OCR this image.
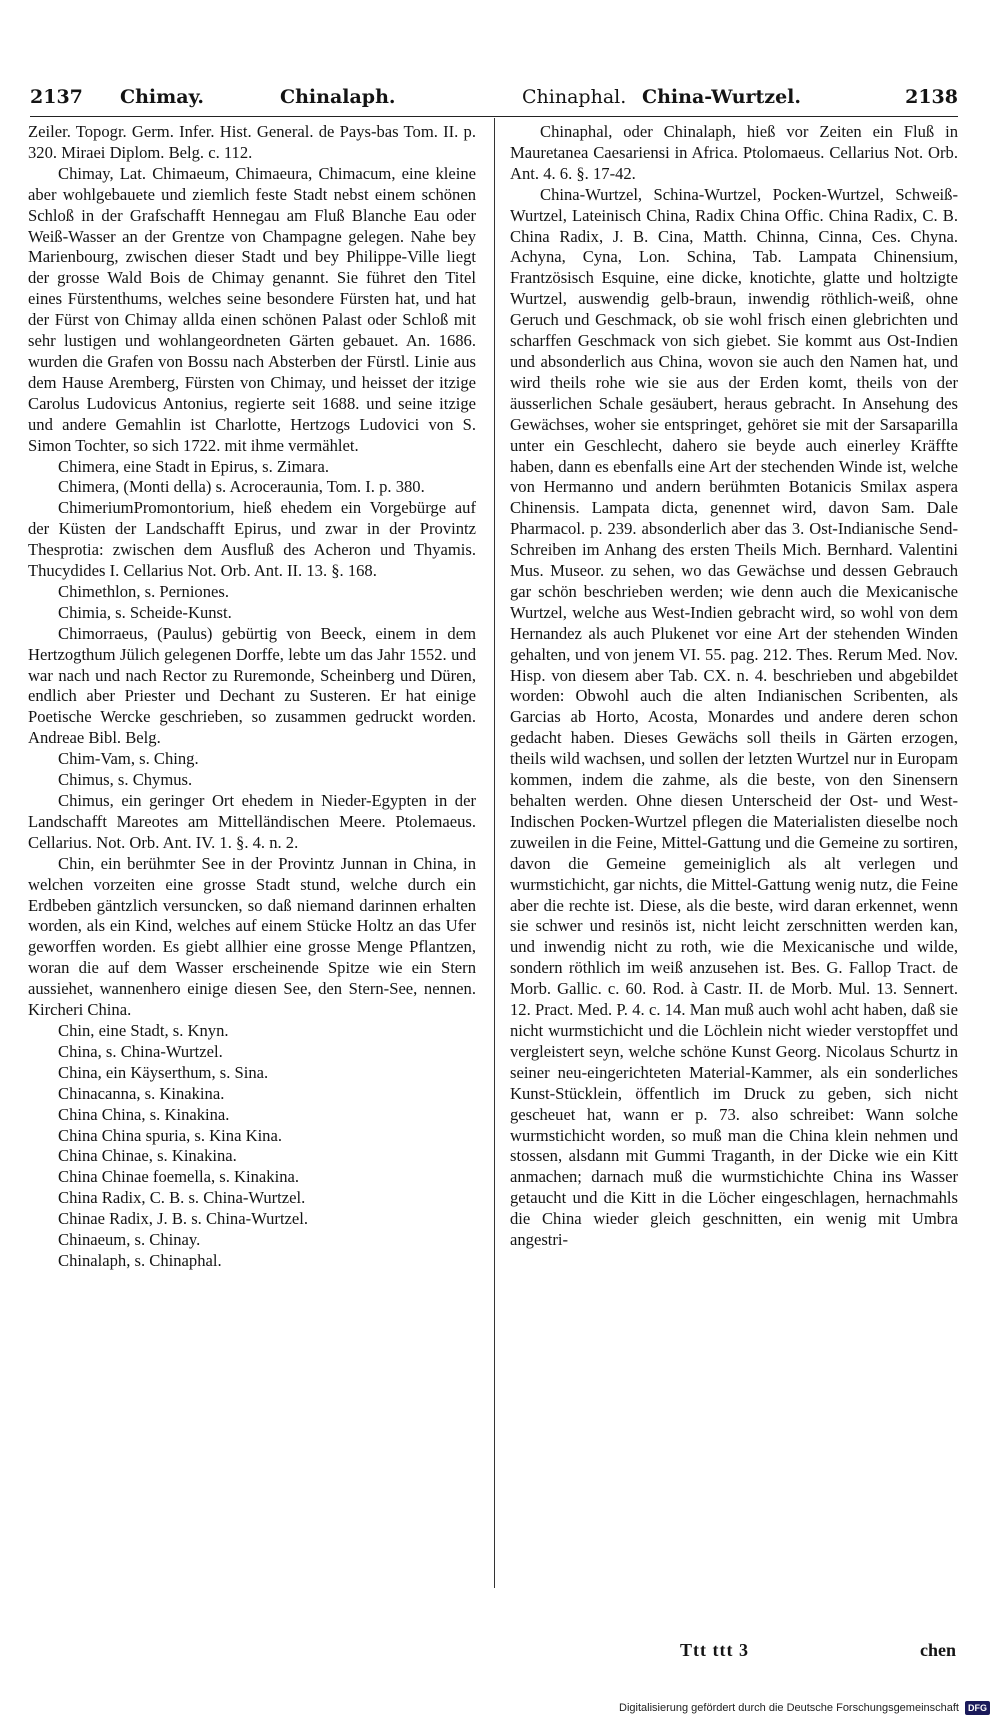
2137 Chimay.	Chinalaph.	Chinaphal. China-Wurtzel.	2138

Zeiler. Topogr. Germ. Infer. Hist. General. de Pays-bas Tom. II. p. 320. Miraei Diplom. Belg. c. 112.

Chimay, Lat. Chimaeum, Chimaeura, Chimacum, eine kleine aber wohlgebauete und ziemlich feste Stadt nebst einem schönen Schloß in der Grafschafft Hennegau am Fluß Blanche Eau oder Weiß-Wasser an der Grentze von Champagne gelegen. Nahe bey Marienbourg, zwischen dieser Stadt und bey Philippe-Ville liegt der grosse Wald Bois de Chimay genannt. Sie führet den Titel eines Fürstenthums, welches seine besondere Fürsten hat, und hat der Fürst von Chimay allda einen schönen Palast oder Schloß mit sehr lustigen und wohlangeordneten Gärten gebauet. An. 1686. wurden die Grafen von Bossu nach Absterben der Fürstl. Linie aus dem Hause Aremberg, Fürsten von Chimay, und heisset der itzige Carolus Ludovicus Antonius, regierte seit 1688. und seine itzige und andere Gemahlin ist Charlotte, Hertzogs Ludovici von S. Simon Tochter, so sich 1722. mit ihme vermählet.

Chimera, eine Stadt in Epirus, s. Zimara.

Chimera, (Monti della) s. Acroceraunia, Tom. I. p. 380.

ChimeriumPromontorium, hieß ehedem ein Vorgebürge auf der Küsten der Landschafft Epirus, und zwar in der Provintz Thesprotia: zwischen dem Ausfluß des Acheron und Thyamis. Thucydides I. Cellarius Not. Orb. Ant. II. 13. §. 168.

Chimethlon, s. Perniones.

Chimia, s. Scheide-Kunst.

Chimorraeus, (Paulus) gebürtig von Beeck, einem in dem Hertzogthum Jülich gelegenen Dorffe, lebte um das Jahr 1552. und war nach und nach Rector zu Ruremonde, Scheinberg und Düren, endlich aber Priester und Dechant zu Susteren. Er hat einige Poetische Wercke geschrieben, so zusammen gedruckt worden. Andreae Bibl. Belg.

Chim-Vam, s. Ching.

Chimus, s. Chymus.

Chimus, ein geringer Ort ehedem in Nieder-Egypten in der Landschafft Mareotes am Mittelländischen Meere. Ptolemaeus. Cellarius. Not. Orb. Ant. IV. 1. §. 4. n. 2.

Chin, ein berühmter See in der Provintz Junnan in China, in welchen vorzeiten eine grosse Stadt stund, welche durch ein Erdbeben gäntzlich versuncken, so daß niemand darinnen erhalten worden, als ein Kind, welches auf einem Stücke Holtz an das Ufer geworffen worden. Es giebt allhier eine grosse Menge Pflantzen, woran die auf dem Wasser erscheinende Spitze wie ein Stern aussiehet, wannenhero einige diesen See, den Stern-See, nennen. Kircheri China.

Chin, eine Stadt, s. Knyn.

China, s. China-Wurtzel.

China, ein Käyserthum, s. Sina.

Chinacanna, s. Kinakina.

China China, s. Kinakina.

China China spuria, s. Kina Kina.

China Chinae, s. Kinakina.

China Chinae foemella, s. Kinakina.

China Radix, C. B. s. China-Wurtzel.

Chinae Radix, J. B. s. China-Wurtzel.

Chinaeum, s. Chinay.

Chinalaph, s. Chinaphal.

Chinaphal, oder Chinalaph, hieß vor Zeiten ein Fluß in Mauretanea Caesariensi in Africa. Ptolomaeus. Cellarius Not. Orb. Ant. 4. 6. §. 17-42.

China-Wurtzel, Schina-Wurtzel, Pocken-Wurtzel, Schweiß-Wurtzel, Lateinisch China, Radix China Offic. China Radix, C. B. China Radix, J. B. Cina, Matth. Chinna, Cinna, Ces. Chyna. Achyna, Cyna, Lon. Schina, Tab. Lampata Chinensium, Frantzösisch Esquine, eine dicke, knotichte, glatte und holtzigte Wurtzel, auswendig gelb-braun, inwendig röthlich-weiß, ohne Geruch und Geschmack, ob sie wohl frisch einen glebrichten und scharffen Geschmack von sich giebet. Sie kommt aus Ost-Indien und absonderlich aus China, wovon sie auch den Namen hat, und wird theils rohe wie sie aus der Erden komt, theils von der äusserlichen Schale gesäubert, heraus gebracht. In Ansehung des Gewächses, woher sie entspringet, gehöret sie mit der Sarsaparilla unter ein Geschlecht, dahero sie beyde auch einerley Kräffte haben, dann es ebenfalls eine Art der stechenden Winde ist, welche von Hermanno und andern berühmten Botanicis Smilax aspera Chinensis. Lampata dicta, genennet wird, davon Sam. Dale Pharmacol. p. 239. absonderlich aber das 3. Ost-Indianische Send-Schreiben im Anhang des ersten Theils Mich. Bernhard. Valentini Mus. Museor. zu sehen, wo das Gewächse und dessen Gebrauch gar schön beschrieben werden; wie denn auch die Mexicanische Wurtzel, welche aus West-Indien gebracht wird, so wohl von dem Hernandez als auch Plukenet vor eine Art der stehenden Winden gehalten, und von jenem VI. 55. pag. 212. Thes. Rerum Med. Nov. Hisp. von diesem aber Tab. CX. n. 4. beschrieben und abgebildet worden: Obwohl auch die alten Indianischen Scribenten, als Garcias ab Horto, Acosta, Monardes und andere deren schon gedacht haben. Dieses Gewächs soll theils in Gärten erzogen, theils wild wachsen, und sollen der letzten Wurtzel nur in Europam kommen, indem die zahme, als die beste, von den Sinensern behalten werden. Ohne diesen Unterscheid der Ost- und West-Indischen Pocken-Wurtzel pflegen die Materialisten dieselbe noch zuweilen in die Feine, Mittel-Gattung und die Gemeine zu sortiren, davon die Gemeine gemeiniglich als alt verlegen und wurmstichicht, gar nichts, die Mittel-Gattung wenig nutz, die Feine aber die rechte ist. Diese, als die beste, wird daran erkennet, wenn sie schwer und resinös ist, nicht leicht zerschnitten werden kan, und inwendig nicht zu roth, wie die Mexicanische und wilde, sondern röthlich im weiß anzusehen ist. Bes. G. Fallop Tract. de Morb. Gallic. c. 60. Rod. à Castr. II. de Morb. Mul. 13. Sennert. 12. Pract. Med. P. 4. c. 14. Man muß auch wohl acht haben, daß sie nicht wurmstichicht und die Löchlein nicht wieder verstopffet und vergleistert seyn, welche schöne Kunst Georg. Nicolaus Schurtz in seiner neu-eingerichteten Material-Kammer, als ein sonderliches Kunst-Stücklein, öffentlich im Druck zu geben, sich nicht gescheuet hat, wann er p. 73. also schreibet: Wann solche wurmstichicht worden, so muß man die China klein nehmen und stossen, alsdann mit Gummi Traganth, in der Dicke wie ein Kitt anmachen; darnach muß die wurmstichichte China ins Wasser getaucht und die Kitt in die Löcher eingeschlagen, hernachmahls die China wieder gleich geschnitten, ein wenig mit Umbra angestri-

Ttt ttt 3	chen
Digitalisierung gefördert durch die Deutsche Forschungsgemeinschaft	DFG
